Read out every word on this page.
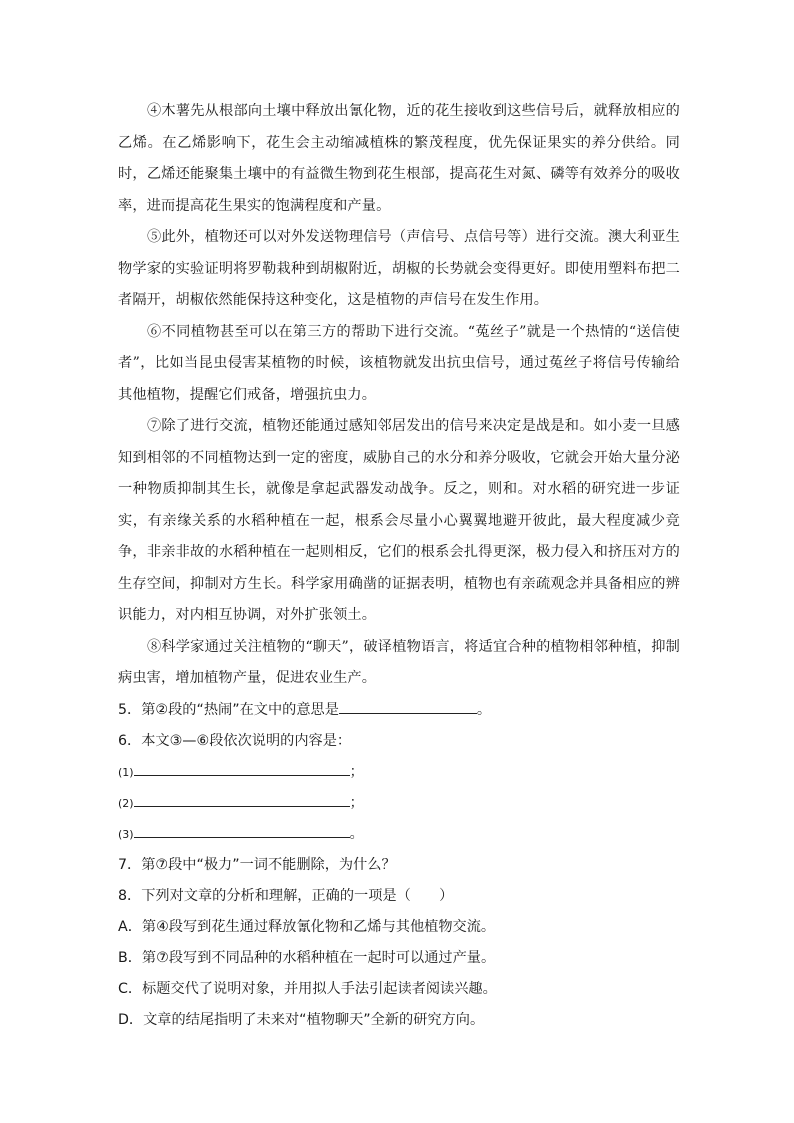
④木薯先从根部向土壤中释放出氰化物，近的花生接收到这些信号后，就释放相应的乙烯。在乙烯影响下，花生会主动缩减植株的繁茂程度，优先保证果实的养分供给。同时，乙烯还能聚集土壤中的有益微生物到花生根部，提高花生对氮、磷等有效养分的吸收率，进而提高花生果实的饱满程度和产量。

⑤此外，植物还可以对外发送物理信号（声信号、点信号等）进行交流。澳大利亚生物学家的实验证明将罗勒栽种到胡椒附近，胡椒的长势就会变得更好。即使用塑料布把二者隔开，胡椒依然能保持这种变化，这是植物的声信号在发生作用。

⑥不同植物甚至可以在第三方的帮助下进行交流。“菟丝子”就是一个热情的“送信使者”，比如当昆虫侵害某植物的时候，该植物就发出抗虫信号，通过菟丝子将信号传输给其他植物，提醒它们戒备，增强抗虫力。

⑦除了进行交流，植物还能通过感知邻居发出的信号来决定是战是和。如小麦一旦感知到相邻的不同植物达到一定的密度，威胁自己的水分和养分吸收，它就会开始大量分泌一种物质抑制其生长，就像是拿起武器发动战争。反之，则和。对水稻的研究进一步证实，有亲缘关系的水稻种植在一起，根系会尽量小心翼翼地避开彼此，最大程度减少竞争，非亲非故的水稻种植在一起则相反，它们的根系会扎得更深，极力侵入和挤压对方的生存空间，抑制对方生长。科学家用确凿的证据表明，植物也有亲疏观念并具备相应的辨识能力，对内相互协调，对外扩张领土。

⑧科学家通过关注植物的“聊天”，破译植物语言，将适宜合种的植物相邻种植，抑制病虫害，增加植物产量，促进农业生产。

5．第②段的“热闹”在文中的意思是	。

6．本文③—⑥段依次说明的内容是：

(1)	；

(2)	；

(3)	。

7．第⑦段中“极力”一词不能删除，为什么？

8．下列对文章的分析和理解，正确的一项是（　　）

A．第④段写到花生通过释放氰化物和乙烯与其他植物交流。

B．第⑦段写到不同品种的水稻种植在一起时可以通过产量。

C．标题交代了说明对象，并用拟人手法引起读者阅读兴趣。

D．文章的结尾指明了未来对“植物聊天”全新的研究方向。
